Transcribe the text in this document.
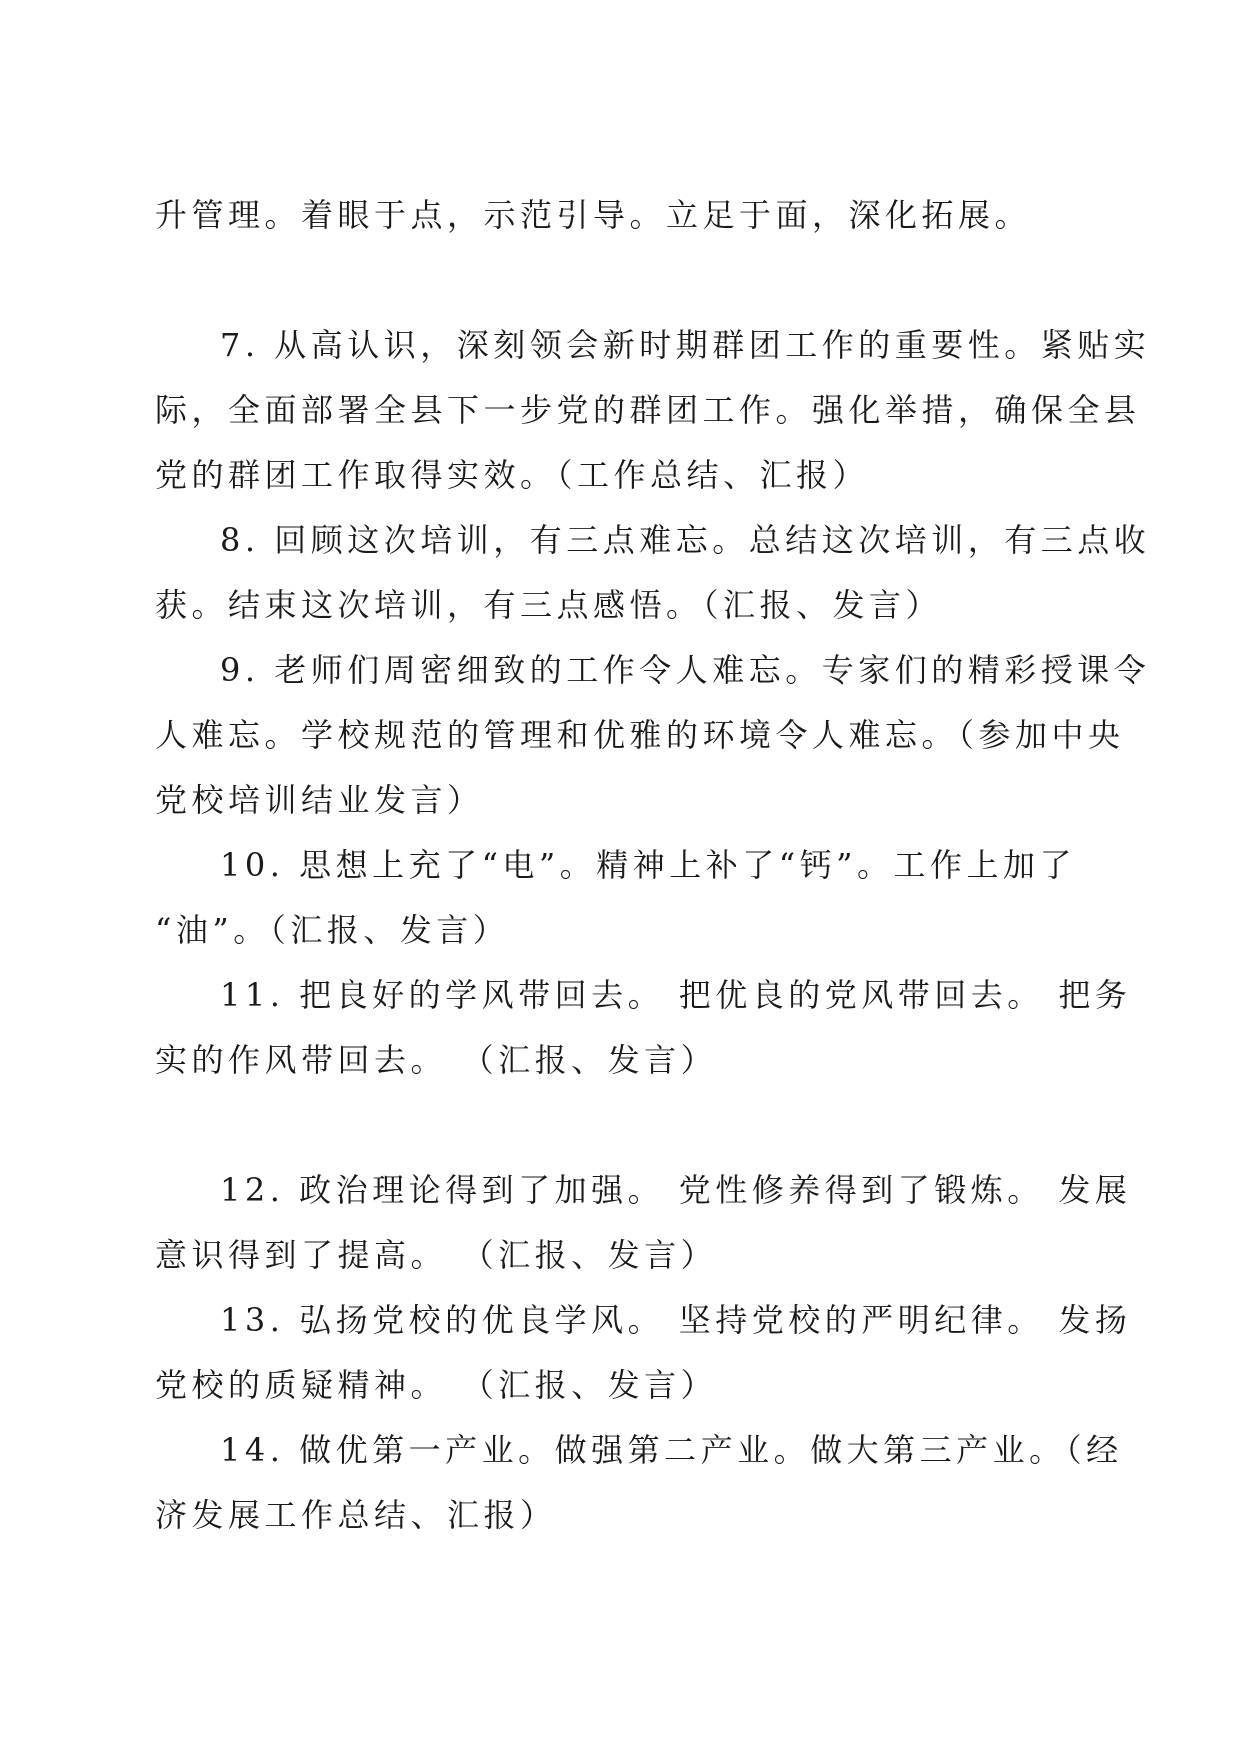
升管理。着眼于点，示范引导。立足于面，深化拓展。
7. 从高认识，深刻领会新时期群团工作的重要性。紧贴实
际，全面部署全县下一步党的群团工作。强化举措，确保全县
党的群团工作取得实效。（工作总结、汇报）
8. 回顾这次培训，有三点难忘。总结这次培训，有三点收
获。结束这次培训，有三点感悟。（汇报、发言）
9. 老师们周密细致的工作令人难忘。专家们的精彩授课令
人难忘。学校规范的管理和优雅的环境令人难忘。（参加中央
党校培训结业发言）
10. 思想上充了“电”。精神上补了“钙”。工作上加了
“油”。（汇报、发言）
11. 把良好的学风带回去。 把优良的党风带回去。 把务
实的作风带回去。 （汇报、发言）
12. 政治理论得到了加强。 党性修养得到了锻炼。 发展
意识得到了提高。 （汇报、发言）
13. 弘扬党校的优良学风。 坚持党校的严明纪律。 发扬
党校的质疑精神。 （汇报、发言）
14. 做优第一产业。做强第二产业。做大第三产业。（经
济发展工作总结、汇报）
